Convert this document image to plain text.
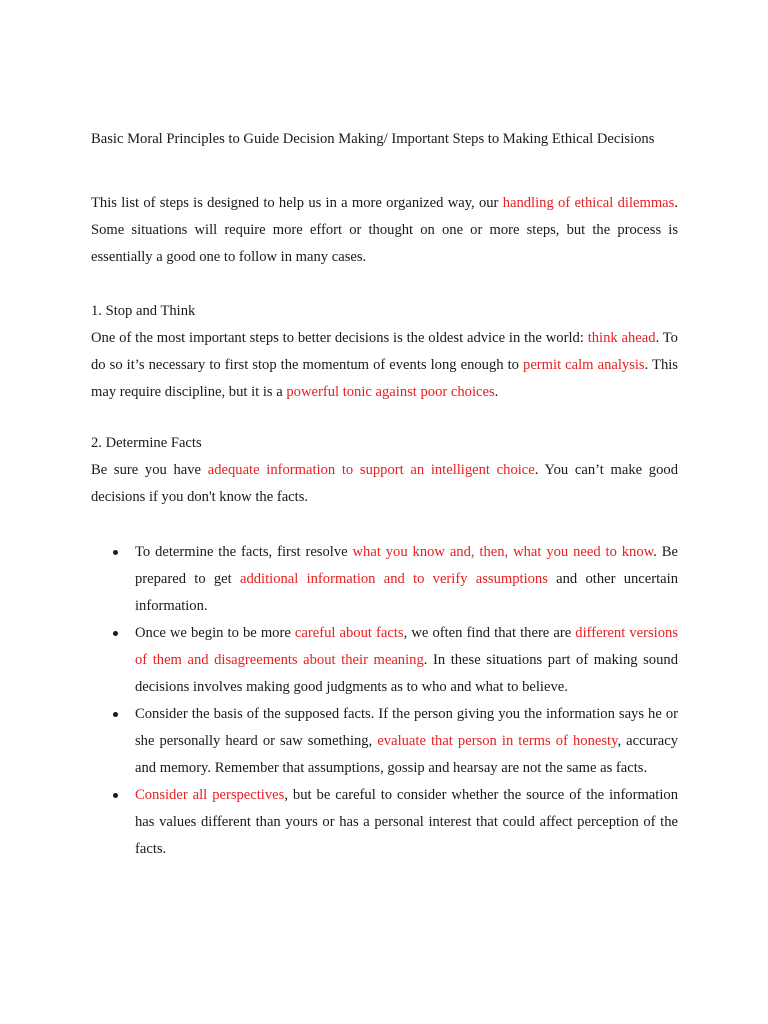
Basic Moral Principles to Guide Decision Making/ Important Steps to Making Ethical Decisions

This list of steps is designed to help us in a more organized way, our handling of ethical dilemmas. Some situations will require more effort or thought on one or more steps, but the process is essentially a good one to follow in many cases.

1. Stop and Think

One of the most important steps to better decisions is the oldest advice in the world: think ahead. To do so it’s necessary to first stop the momentum of events long enough to permit calm analysis. This may require discipline, but it is a powerful tonic against poor choices.

2. Determine Facts

Be sure you have adequate information to support an intelligent choice. You can’t make good decisions if you don't know the facts.

To determine the facts, first resolve what you know and, then, what you need to know. Be prepared to get additional information and to verify assumptions and other uncertain information.
Once we begin to be more careful about facts, we often find that there are different versions of them and disagreements about their meaning. In these situations part of making sound decisions involves making good judgments as to who and what to believe.
Consider the basis of the supposed facts. If the person giving you the information says he or she personally heard or saw something, evaluate that person in terms of honesty, accuracy and memory. Remember that assumptions, gossip and hearsay are not the same as facts.
Consider all perspectives, but be careful to consider whether the source of the information has values different than yours or has a personal interest that could affect perception of the facts.
